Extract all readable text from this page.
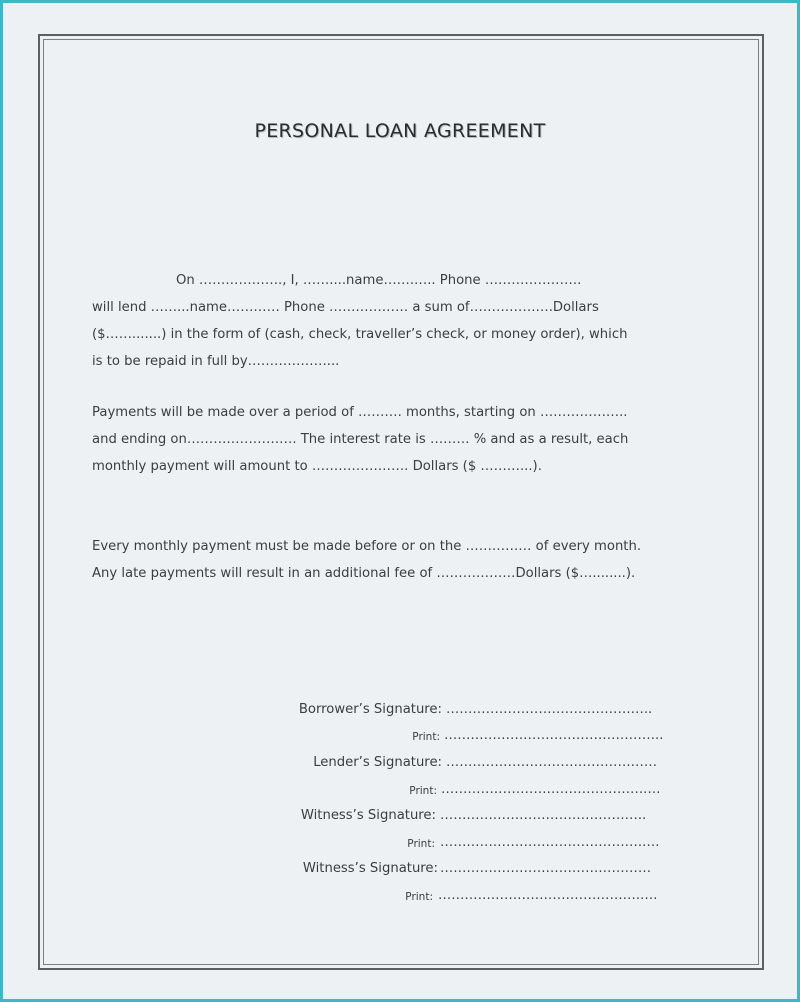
PERSONAL LOAN AGREEMENT
On ………………., I, ……....name…….….. Phone ………………….
will lend ……...name………… Phone ……………… a sum of……………….Dollars
($…….......) in the form of (cash, check, traveller’s check, or money order), which
is to be repaid in full by………………...
Payments will be made over a period of ………. months, starting on ………………..
and ending on……………………. The interest rate is ……… % and as a result, each
monthly payment will amount to …………………. Dollars ($ ………...).
Every monthly payment must be made before or on the …………… of every month.
Any late payments will result in an additional fee of ………………Dollars ($…........).
Borrower’s Signature: ………………………………………..
Print: …………………………………………..
Lender’s Signature: …………………………………………
Print: ……………………………………….….
Witness’s Signature: ………………………………………..
Print: ……………………………………….….
Witness’s Signature: …………………………………………
Print: ……………………………………….….
